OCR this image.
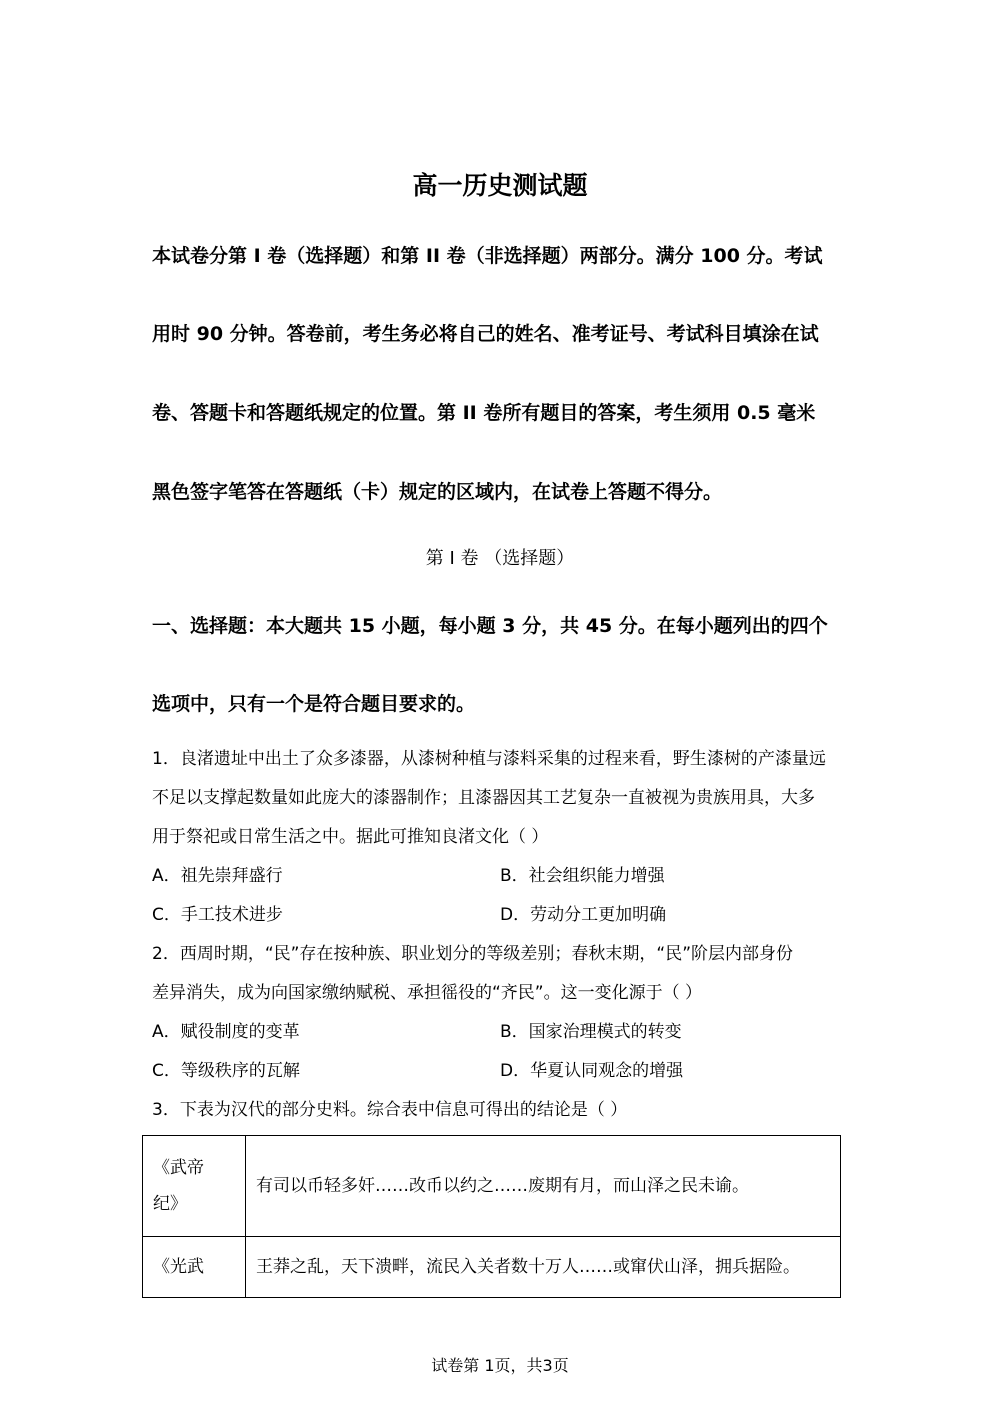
高一历史测试题
本试卷分第 I 卷（选择题）和第 II 卷（非选择题）两部分。满分 100 分。考试
用时 90 分钟。答卷前，考生务必将自己的姓名、准考证号、考试科目填涂在试
卷、答题卡和答题纸规定的位置。第 II 卷所有题目的答案，考生须用 0.5 毫米
黑色签字笔答在答题纸（卡）规定的区域内，在试卷上答题不得分。
第 I 卷 （选择题）
一、选择题：本大题共 15 小题，每小题 3 分，共 45 分。在每小题列出的四个
选项中，只有一个是符合题目要求的。
1．良渚遗址中出土了众多漆器，从漆树种植与漆料采集的过程来看，野生漆树的产漆量远
不足以支撑起数量如此庞大的漆器制作；且漆器因其工艺复杂一直被视为贵族用具，大多
用于祭祀或日常生活之中。据此可推知良渚文化（ ）
A．祖先崇拜盛行	B．社会组织能力增强
C．手工技术进步	D．劳动分工更加明确
2．西周时期，“民”存在按种族、职业划分的等级差别；春秋末期，“民”阶层内部身份
差异消失，成为向国家缴纳赋税、承担徭役的“齐民”。这一变化源于（ ）
A．赋役制度的变革	B．国家治理模式的转变
C．等级秩序的瓦解	D．华夏认同观念的增强
3．下表为汉代的部分史料。综合表中信息可得出的结论是（ ）
《武帝
纪》	有司以币轻多奸……改币以约之……废期有月，而山泽之民未谕。

《光武	王莽之乱，天下溃畔，流民入关者数十万人……或窜伏山泽，拥兵据险。
试卷第 1页，共3页
